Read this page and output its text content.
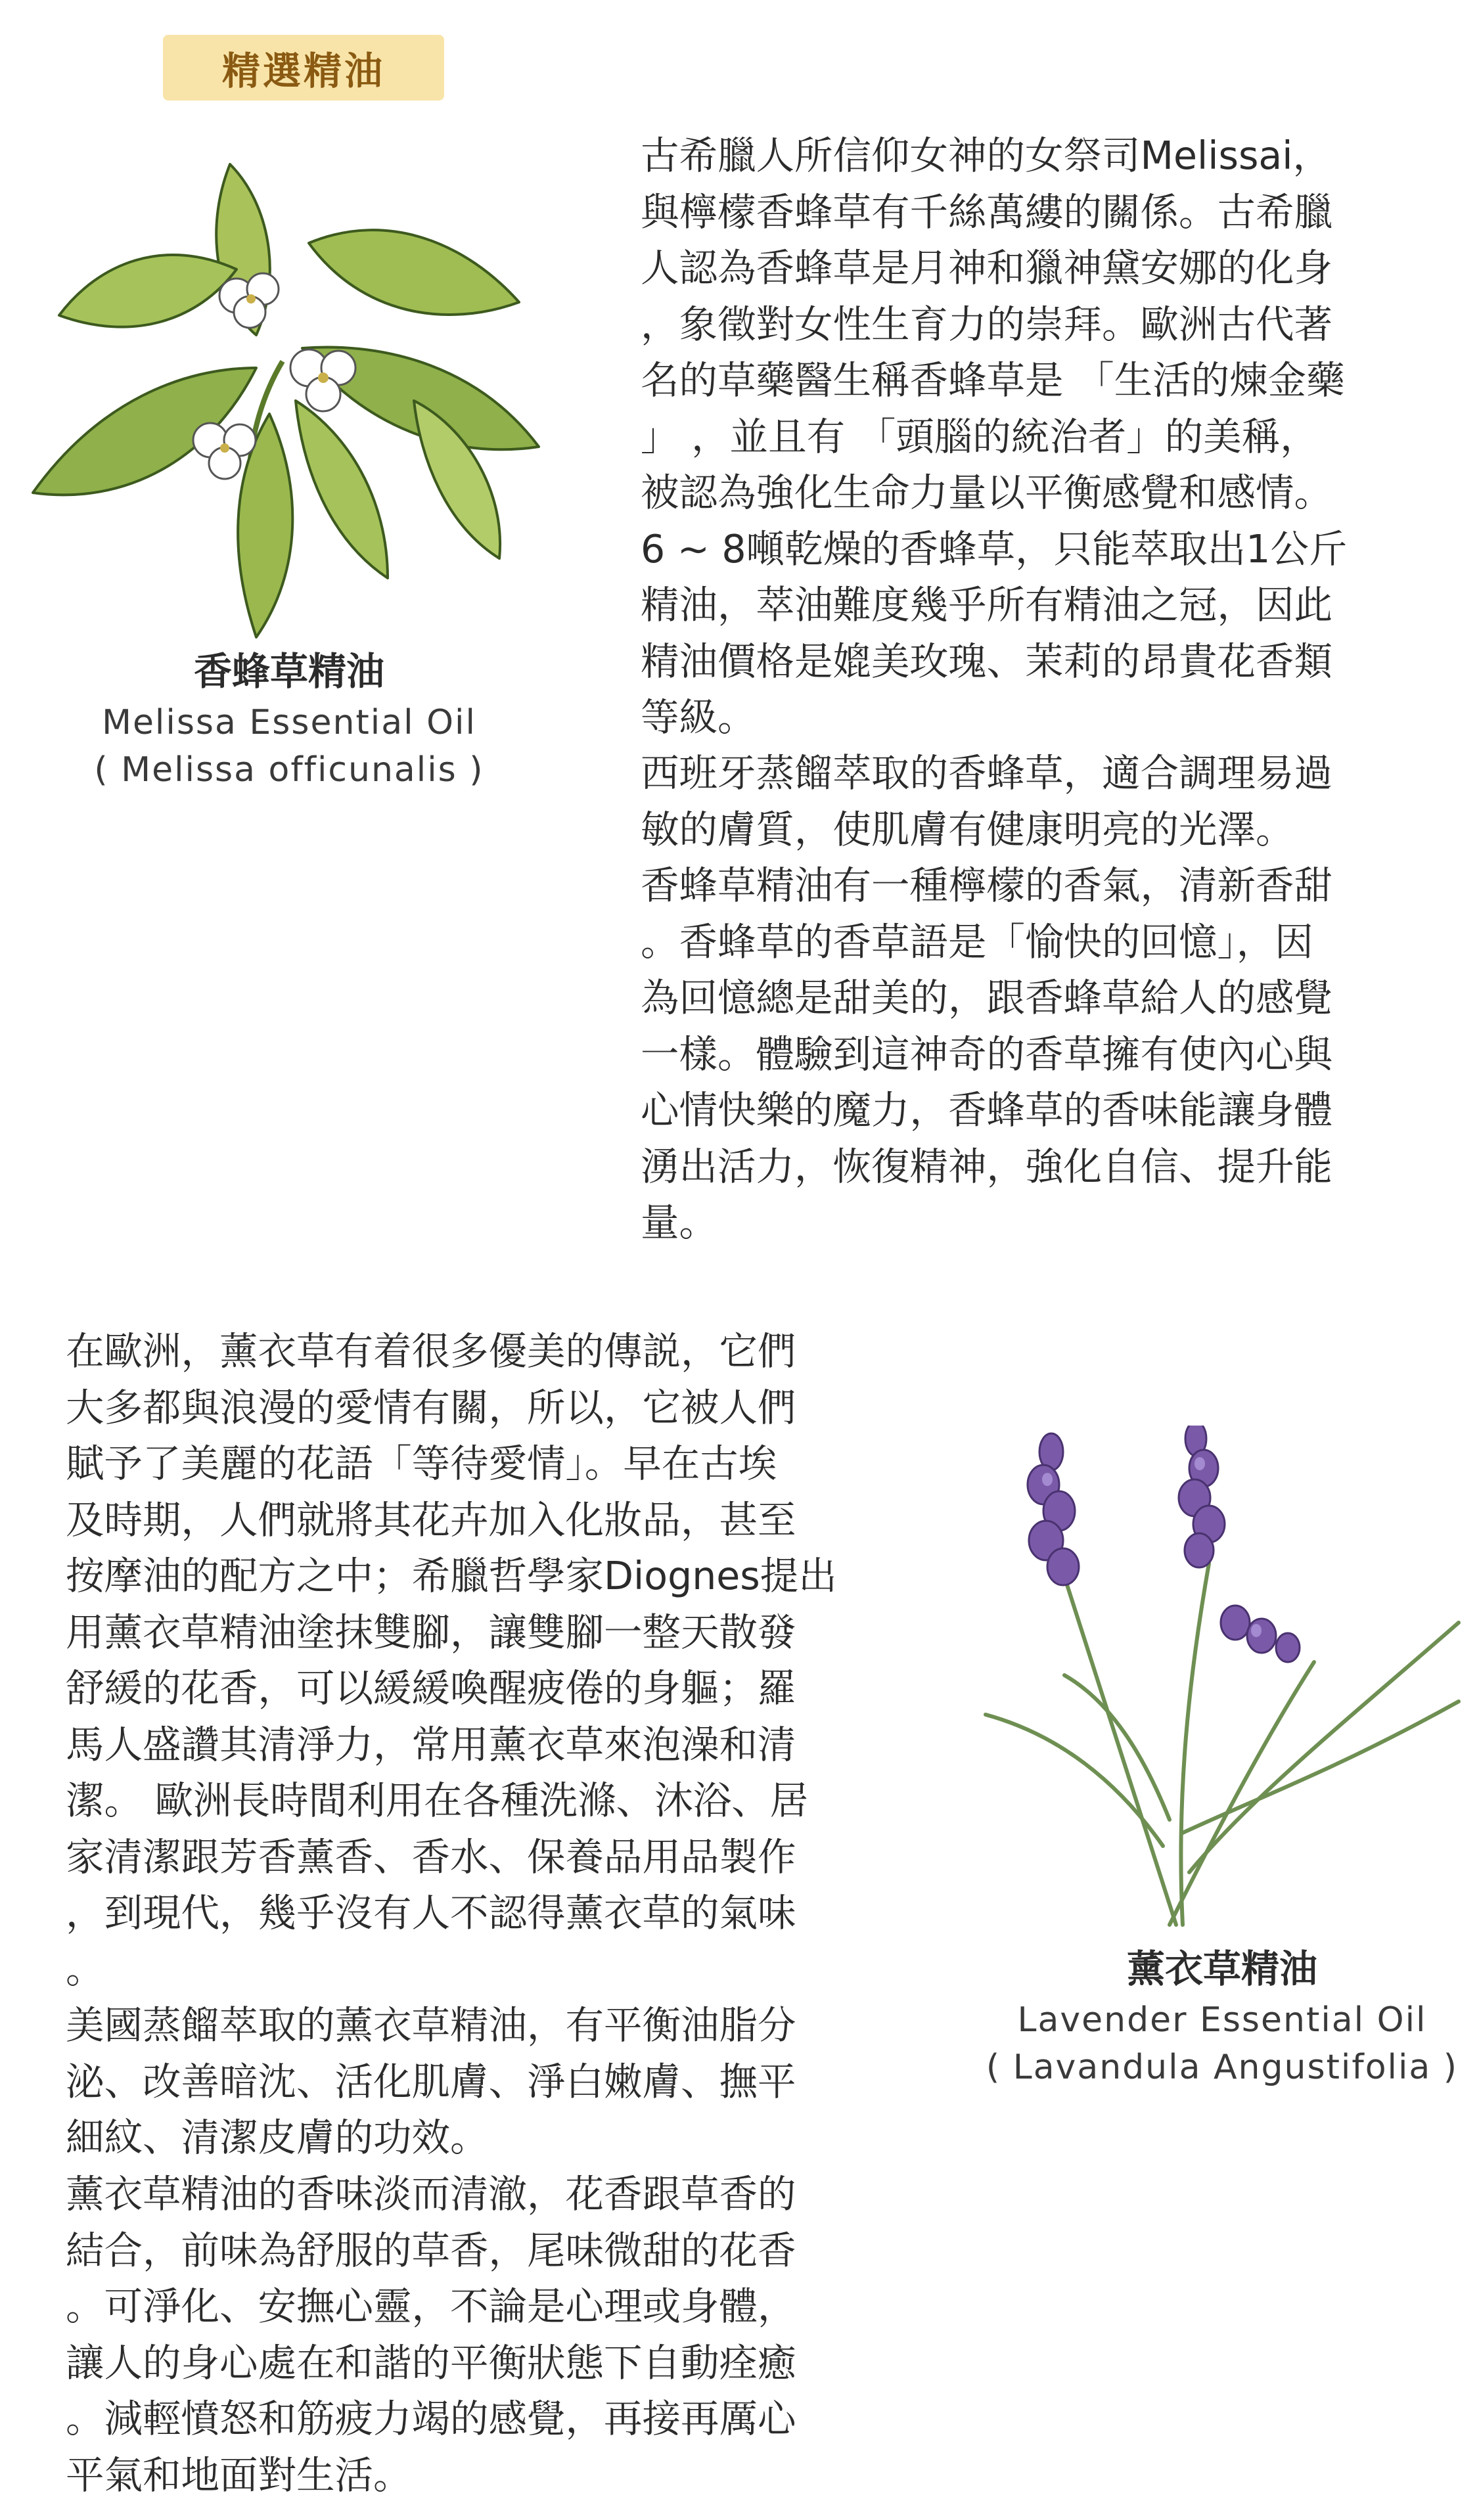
精選精油
香蜂草精油
Melissa Essential Oil
( Melissa officunalis )
古希臘人所信仰女神的女祭司Melissai，
與檸檬香蜂草有千絲萬縷的關係。古希臘
人認為香蜂草是月神和獵神黛安娜的化身
，象徵對女性生育力的崇拜。歐洲古代著
名的草藥醫生稱香蜂草是 「生活的煉金藥
」 ，並且有 「頭腦的統治者」的美稱，
被認為強化生命力量以平衡感覺和感情。
6 ~ 8噸乾燥的香蜂草，只能萃取出1公斤
精油，萃油難度幾乎所有精油之冠，因此
精油價格是媲美玫瑰、茉莉的昂貴花香類
等級。
西班牙蒸餾萃取的香蜂草，適合調理易過
敏的膚質，使肌膚有健康明亮的光澤。
香蜂草精油有一種檸檬的香氣，清新香甜
。香蜂草的香草語是「愉快的回憶」，因
為回憶總是甜美的，跟香蜂草給人的感覺
一樣。體驗到這神奇的香草擁有使內心與
心情快樂的魔力，香蜂草的香味能讓身體
湧出活力，恢復精神，強化自信、提升能
量。
在歐洲，薰衣草有着很多優美的傳説，它們
大多都與浪漫的愛情有關，所以，它被人們
賦予了美麗的花語「等待愛情」。早在古埃
及時期，人們就將其花卉加入化妝品，甚至
按摩油的配方之中；希臘哲學家Diognes提出
用薰衣草精油塗抹雙腳，讓雙腳一整天散發
舒緩的花香，可以緩緩喚醒疲倦的身軀；羅
馬人盛讚其清淨力，常用薰衣草來泡澡和清
潔。 歐洲長時間利用在各種洗滌、沐浴、居
家清潔跟芳香薰香、香水、保養品用品製作
，到現代，幾乎沒有人不認得薰衣草的氣味
。
美國蒸餾萃取的薰衣草精油，有平衡油脂分
泌、改善暗沈、活化肌膚、淨白嫩膚、撫平
細紋、清潔皮膚的功效。
薰衣草精油的香味淡而清澈，花香跟草香的
結合，前味為舒服的草香，尾味微甜的花香
。可淨化、安撫心靈，不論是心理或身體，
讓人的身心處在和諧的平衡狀態下自動痊癒
。減輕憤怒和筋疲力竭的感覺，再接再厲心
平氣和地面對生活。
薰衣草精油
Lavender Essential Oil
( Lavandula Angustifolia )
